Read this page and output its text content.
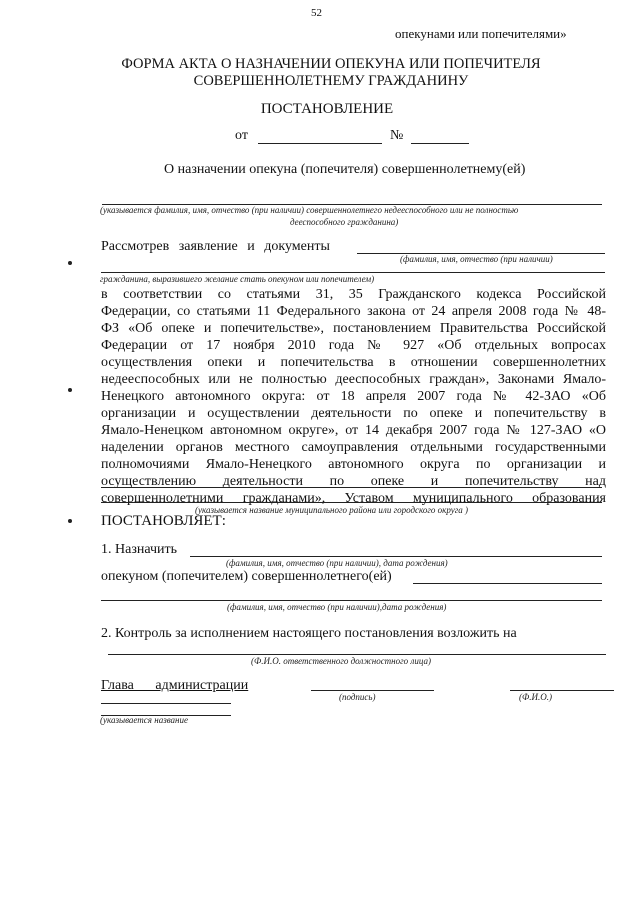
52
опекунами или попечителями»
ФОРМА АКТА О НАЗНАЧЕНИИ ОПЕКУНА ИЛИ ПОПЕЧИТЕЛЯ
СОВЕРШЕННОЛЕТНЕМУ ГРАЖДАНИНУ
ПОСТАНОВЛЕНИЕ
от	№
О назначении опекуна (попечителя) совершеннолетнему(ей)
(указывается фамилия, имя, отчество (при наличии) совершеннолетнего недееспособного или не полностью
дееспособного гражданина)
Рассмотрев заявление и документы
(фамилия, имя, отчество (при наличии)
гражданина, выразившего желание стать опекуном или попечителем)
в соответствии со статьями 31, 35 Гражданского кодекса Российской
Федерации, со статьями 11 Федерального закона от 24 апреля 2008 года № 48-
ФЗ «Об опеке и попечительстве», постановлением Правительства Российской
Федерации от 17 ноября 2010 года № 927 «Об отдельных вопросах
осуществления опеки и попечительства в отношении совершеннолетних
недееспособных или не полностью дееспособных граждан», Законами Ямало-
Ненецкого автономного округа: от 18 апреля 2007 года № 42-ЗАО «Об
организации и осуществлении деятельности по опеке и попечительству в
Ямало-Ненецком автономном округе», от 14 декабря 2007 года № 127-ЗАО «О
наделении органов местного самоуправления отдельными государственными
полномочиями Ямало-Ненецкого автономного округа по организации и
осуществлению деятельности по опеке и попечительству над
совершеннолетними гражданами», Уставом муниципального образования
(указывается название муниципального района или городского округа )
ПОСТАНОВЛЯЕТ:
1. Назначить
(фамилия, имя, отчество (при наличии), дата рождения)
опекуном (попечителем) совершеннолетнего(ей)
(фамилия, имя, отчество (при наличии),дата рождения)
2. Контроль за исполнением настоящего постановления возложить на
(Ф.И.О. ответственного должностного лица)
Глава администрации
(подпись)	(Ф.И.О.)
(указывается название
